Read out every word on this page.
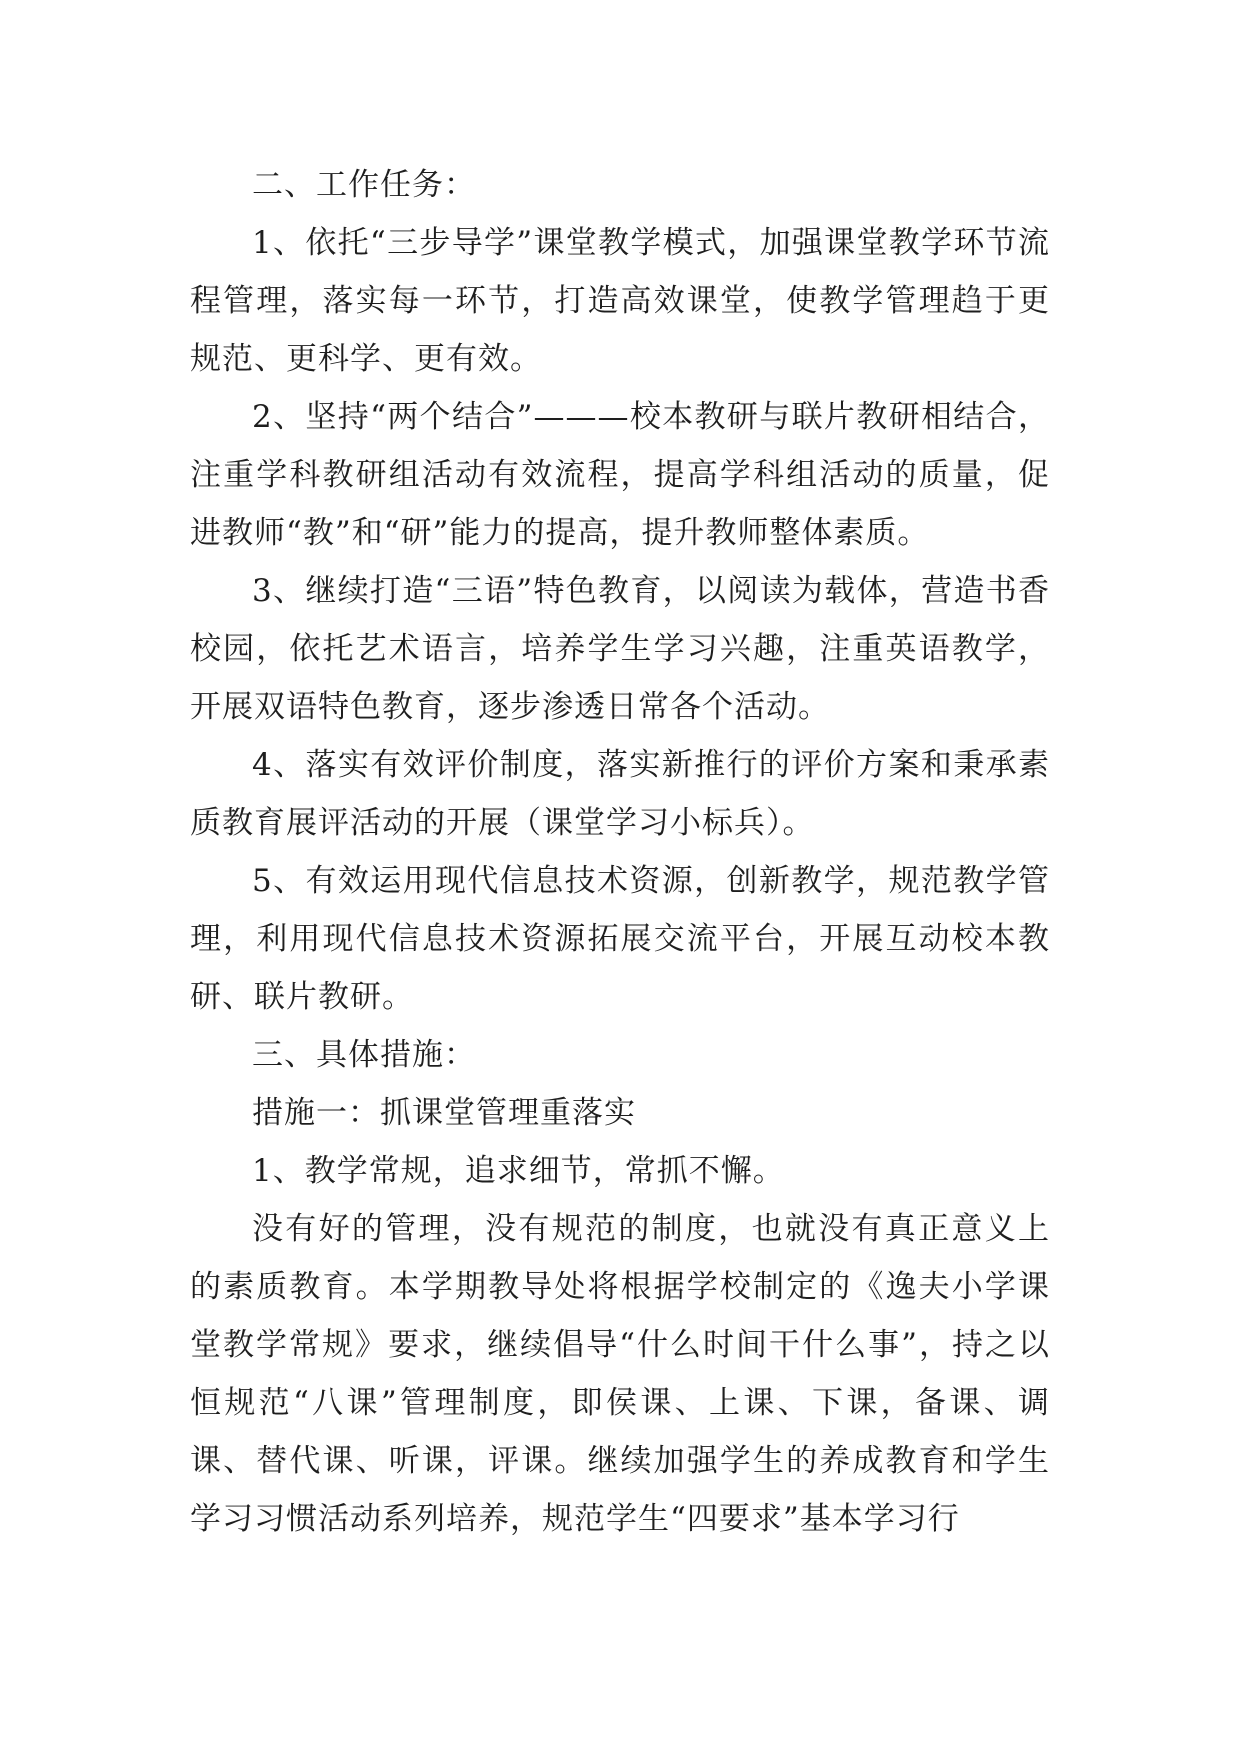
二、工作任务：

1、依托“三步导学”课堂教学模式，加强课堂教学环节流程管理，落实每一环节，打造高效课堂，使教学管理趋于更规范、更科学、更有效。

2、坚持“两个结合”———校本教研与联片教研相结合，注重学科教研组活动有效流程，提高学科组活动的质量，促进教师“教”和“研”能力的提高，提升教师整体素质。

3、继续打造“三语”特色教育，以阅读为载体，营造书香校园，依托艺术语言，培养学生学习兴趣，注重英语教学，开展双语特色教育，逐步渗透日常各个活动。

4、落实有效评价制度，落实新推行的评价方案和秉承素质教育展评活动的开展（课堂学习小标兵）。

5、有效运用现代信息技术资源，创新教学，规范教学管理，利用现代信息技术资源拓展交流平台，开展互动校本教研、联片教研。

三、具体措施：

措施一：抓课堂管理重落实

1、教学常规，追求细节，常抓不懈。

没有好的管理，没有规范的制度，也就没有真正意义上的素质教育。本学期教导处将根据学校制定的《逸夫小学课堂教学常规》要求，继续倡导“什么时间干什么事”，持之以恒规范“八课”管理制度，即侯课、上课、下课，备课、调课、替代课、听课，评课。继续加强学生的养成教育和学生学习习惯活动系列培养，规范学生“四要求”基本学习行
